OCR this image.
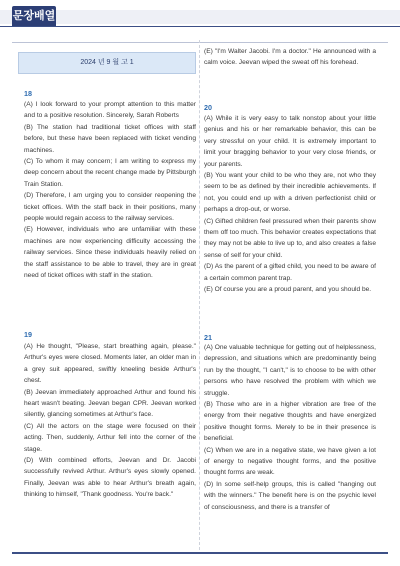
문장배열
2024 년 9 월 고 1
18

(A) I look forward to your prompt attention to this matter and to a positive resolution. Sincerely, Sarah Roberts

(B) The station had traditional ticket offices with staff before, but these have been replaced with ticket vending machines.

(C) To whom it may concern; I am writing to express my deep concern about the recent change made by Pittsburgh Train Station.

(D) Therefore, I am urging you to consider reopening the ticket offices. With the staff back in their positions, many people would regain access to the railway services.

(E) However, individuals who are unfamiliar with these machines are now experiencing difficulty accessing the railway services. Since these individuals heavily relied on the staff assistance to be able to travel, they are in great need of ticket offices with staff in the station.

19

(A) He thought, "Please, start breathing again, please." Arthur's eyes were closed. Moments later, an older man in a grey suit appeared, swiftly kneeling beside Arthur's chest.

(B) Jeevan immediately approached Arthur and found his heart wasn't beating. Jeevan began CPR. Jeevan worked silently, glancing sometimes at Arthur's face.

(C) All the actors on the stage were focused on their acting. Then, suddenly, Arthur fell into the corner of the stage.

(D) With combined efforts, Jeevan and Dr. Jacobi successfully revived Arthur. Arthur's eyes slowly opened. Finally, Jeevan was able to hear Arthur's breath again, thinking to himself, "Thank goodness. You're back."

(E) "I'm Walter Jacobi. I'm a doctor." He announced with a calm voice. Jeevan wiped the sweat off his forehead.

20

(A) While it is very easy to talk nonstop about your little genius and his or her remarkable behavior, this can be very stressful on your child. It is extremely important to limit your bragging behavior to your very close friends, or your parents.

(B) You want your child to be who they are, not who they seem to be as defined by their incredible achievements. If not, you could end up with a driven perfectionist child or perhaps a drop-out, or worse.

(C) Gifted children feel pressured when their parents show them off too much. This behavior creates expectations that they may not be able to live up to, and also creates a false sense of self for your child.

(D) As the parent of a gifted child, you need to be aware of a certain common parent trap.

(E) Of course you are a proud parent, and you should be.

21

(A) One valuable technique for getting out of helplessness, depression, and situations which are predominantly being run by the thought, "I can't," is to choose to be with other persons who have resolved the problem with which we struggle.

(B) Those who are in a higher vibration are free of the energy from their negative thoughts and have energized positive thought forms. Merely to be in their presence is beneficial.

(C) When we are in a negative state, we have given a lot of energy to negative thought forms, and the positive thought forms are weak.

(D) In some self-help groups, this is called "hanging out with the winners." The benefit here is on the psychic level of consciousness, and there is a transfer of
